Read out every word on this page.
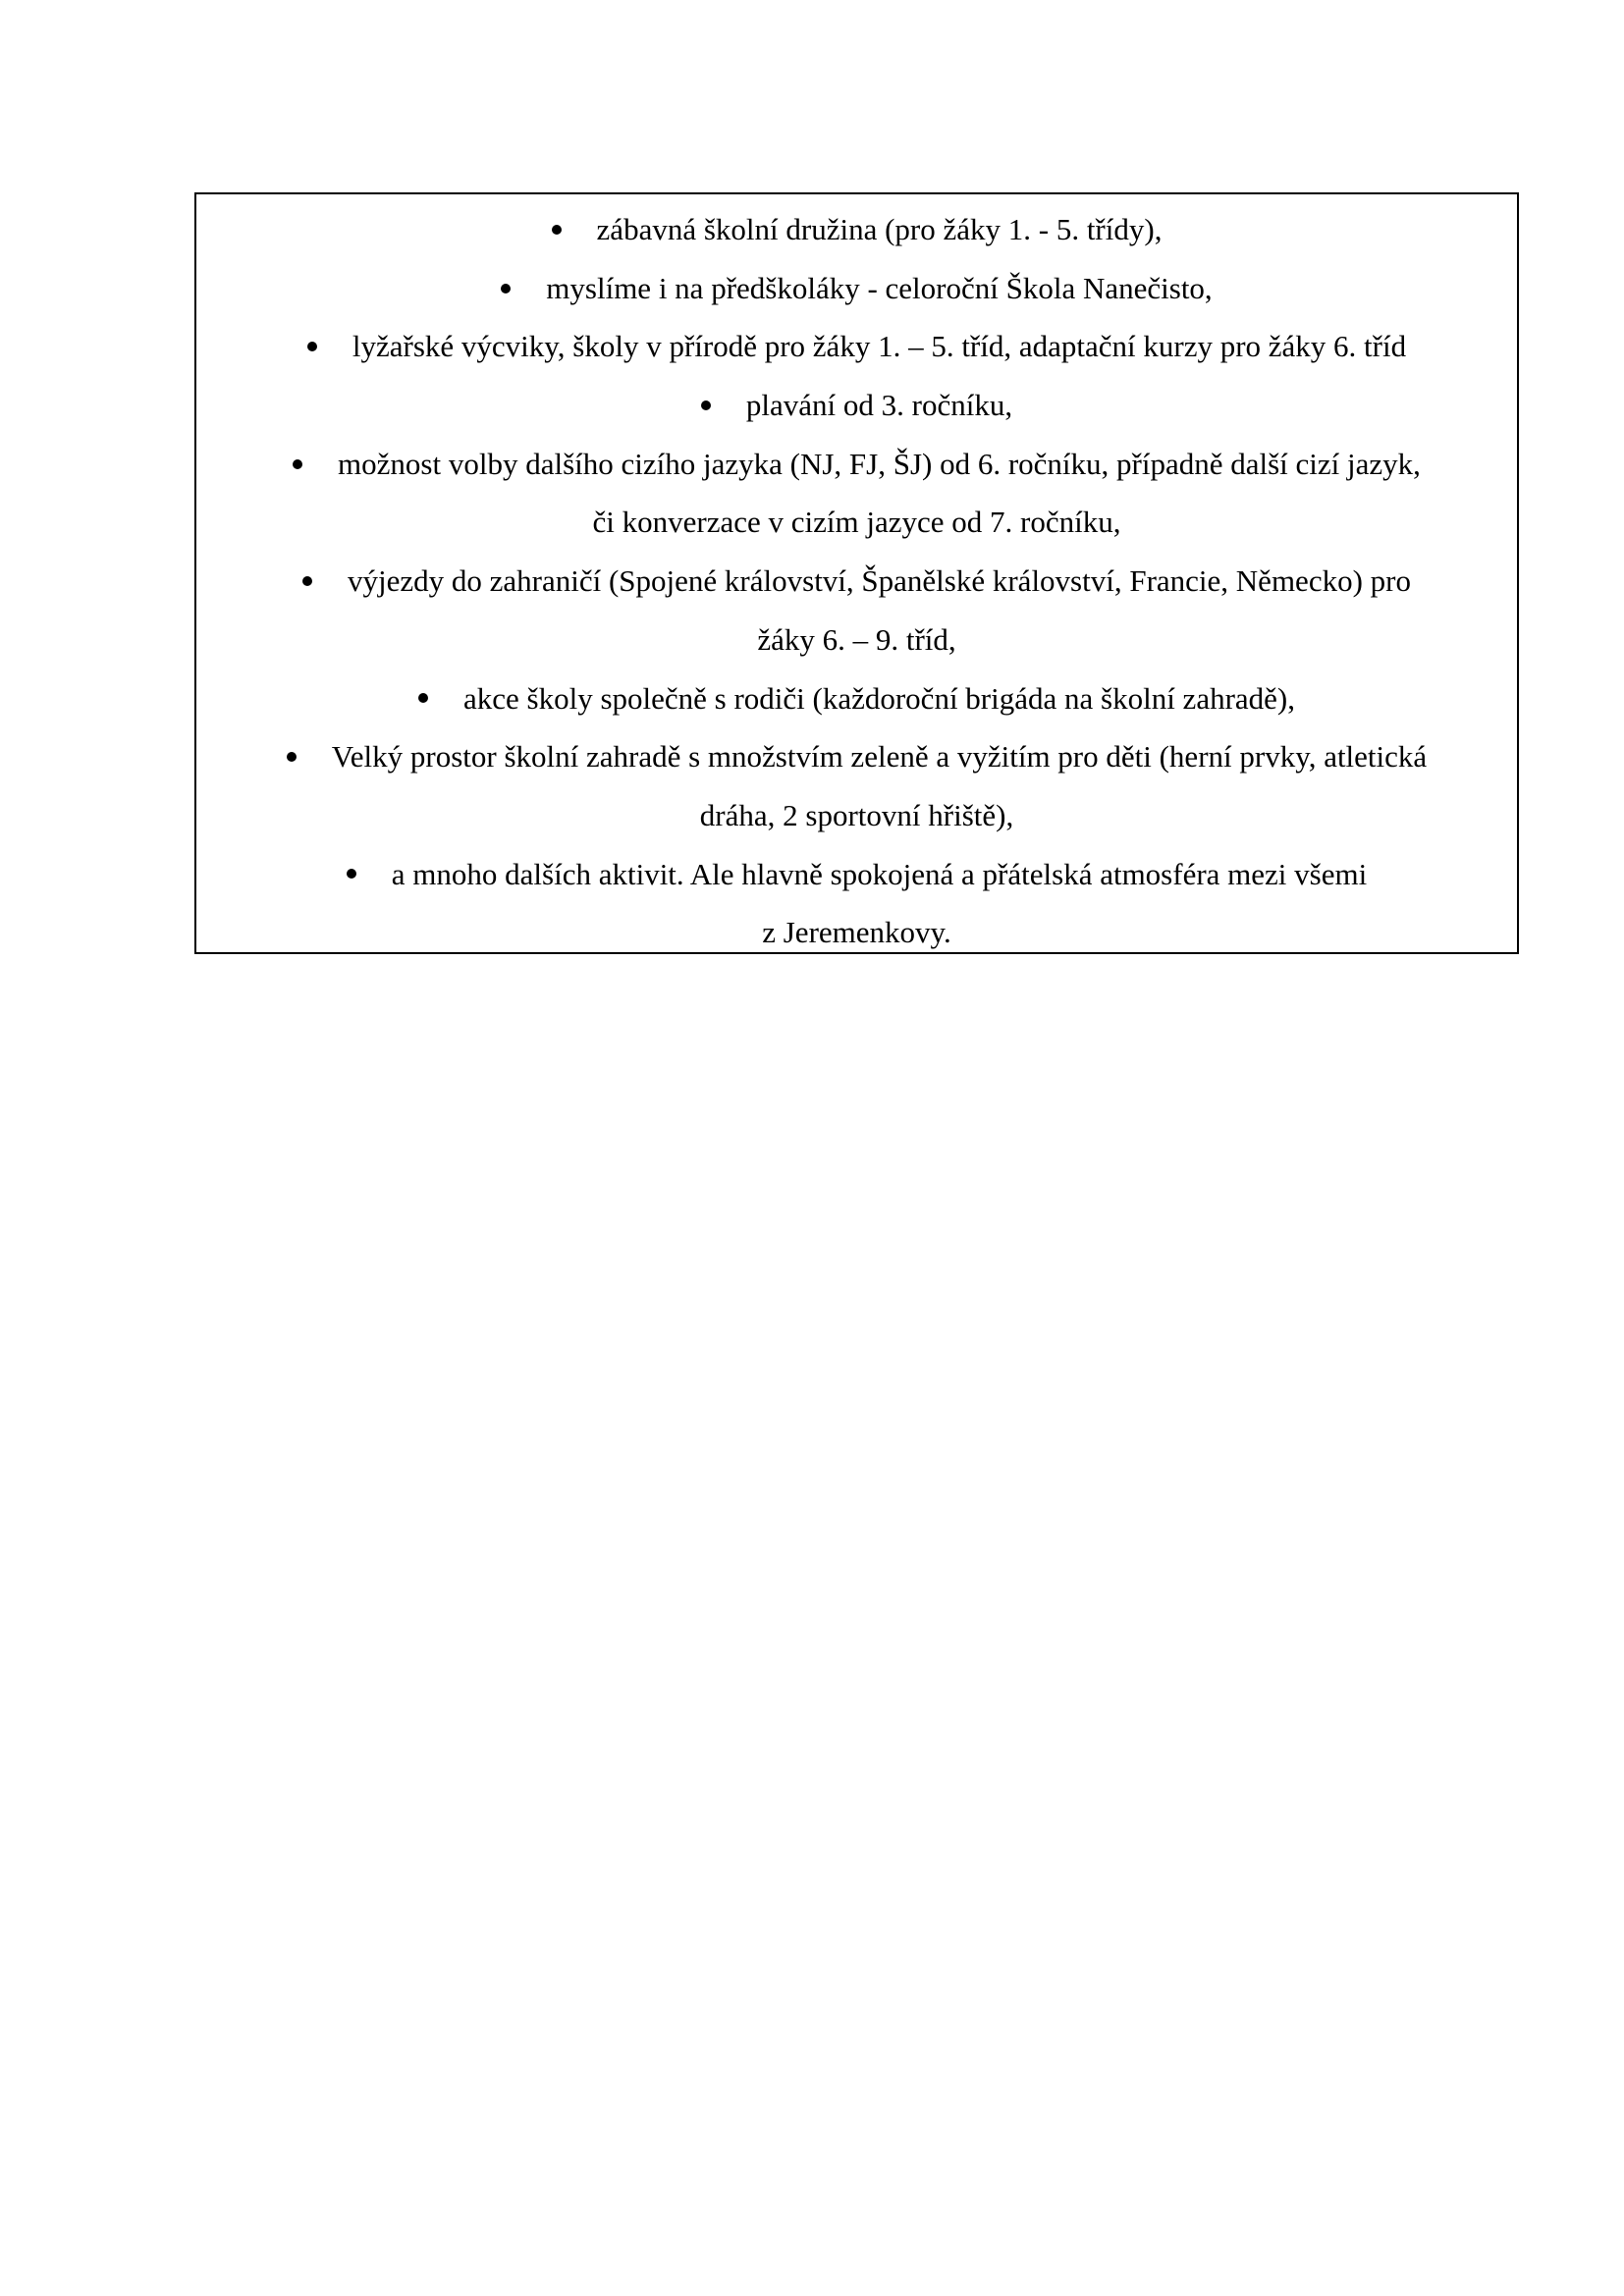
zábavná školní družina (pro žáky 1. - 5. třídy),
myslíme i na předškoláky - celoroční Škola Nanečisto,
lyžařské výcviky, školy v přírodě pro žáky 1. – 5. tříd, adaptační kurzy pro žáky 6. tříd
plavání od 3. ročníku,
možnost volby dalšího cizího jazyka (NJ, FJ, ŠJ) od 6. ročníku, případně další cizí jazyk,
či konverzace v cizím jazyce od 7. ročníku,
výjezdy do zahraničí (Spojené království, Španělské království, Francie, Německo) pro
žáky 6. – 9. tříd,
akce školy společně s rodiči (každoroční brigáda na školní zahradě),
Velký prostor školní zahradě s množstvím zeleně a vyžitím pro děti (herní prvky, atletická
dráha, 2 sportovní hřiště),
a mnoho dalších aktivit. Ale hlavně spokojená a přátelská atmosféra mezi všemi
z Jeremenkovy.
